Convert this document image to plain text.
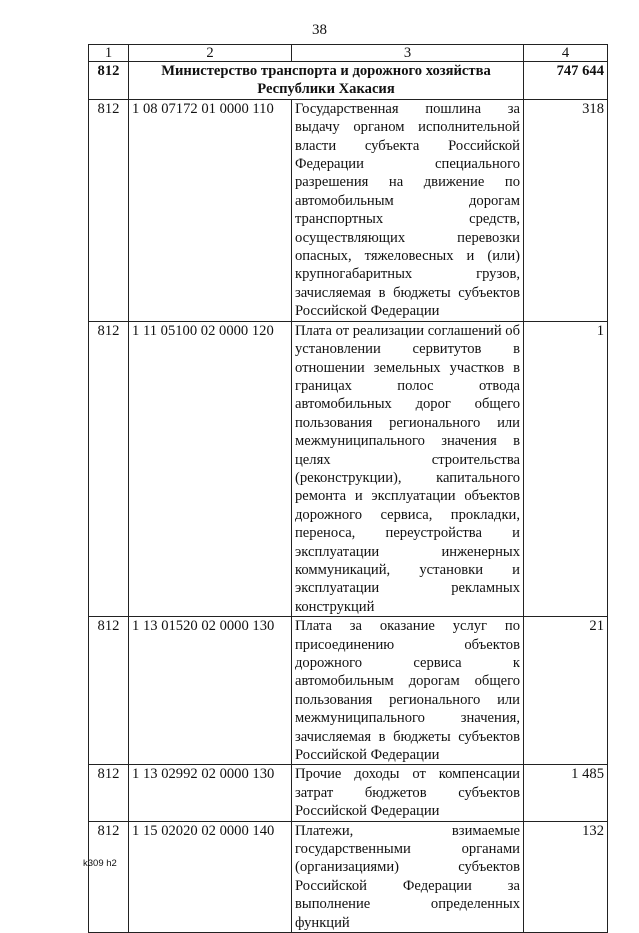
38
1	2	3	4
812	Министерство транспорта и дорожного хозяйства Республики Хакасия		747 644
812	1 08 07172 01 0000 110	Государственная пошлина за выдачу органом исполнительной власти субъекта Российской Федерации специального разрешения на движение по автомобильным дорогам транспортных средств, осуществляющих перевозки опасных, тяжеловесных и (или) крупногабаритных грузов, зачисляемая в бюджеты субъектов Российской Федерации	318
812	1 11 05100 02 0000 120	Плата от реализации соглашений об установлении сервитутов в отношении земельных участков в границах полос отвода автомобильных дорог общего пользования регионального или межмуниципального значения в целях строительства (реконструкции), капитального ремонта и эксплуатации объектов дорожного сервиса, прокладки, переноса, переустройства и эксплуатации инженерных коммуникаций, установки и эксплуатации рекламных конструкций	1
812	1 13 01520 02 0000 130	Плата за оказание услуг по присоединению объектов дорожного сервиса к автомобильным дорогам общего пользования регионального или межмуниципального значения, зачисляемая в бюджеты субъектов Российской Федерации	21
812	1 13 02992 02 0000 130	Прочие доходы от компенсации затрат бюджетов субъектов Российской Федерации	1 485
812	1 15 02020 02 0000 140	Платежи, взимаемые государственными органами (организациями) субъектов Российской Федерации за выполнение определенных функций	132
k309 h2
